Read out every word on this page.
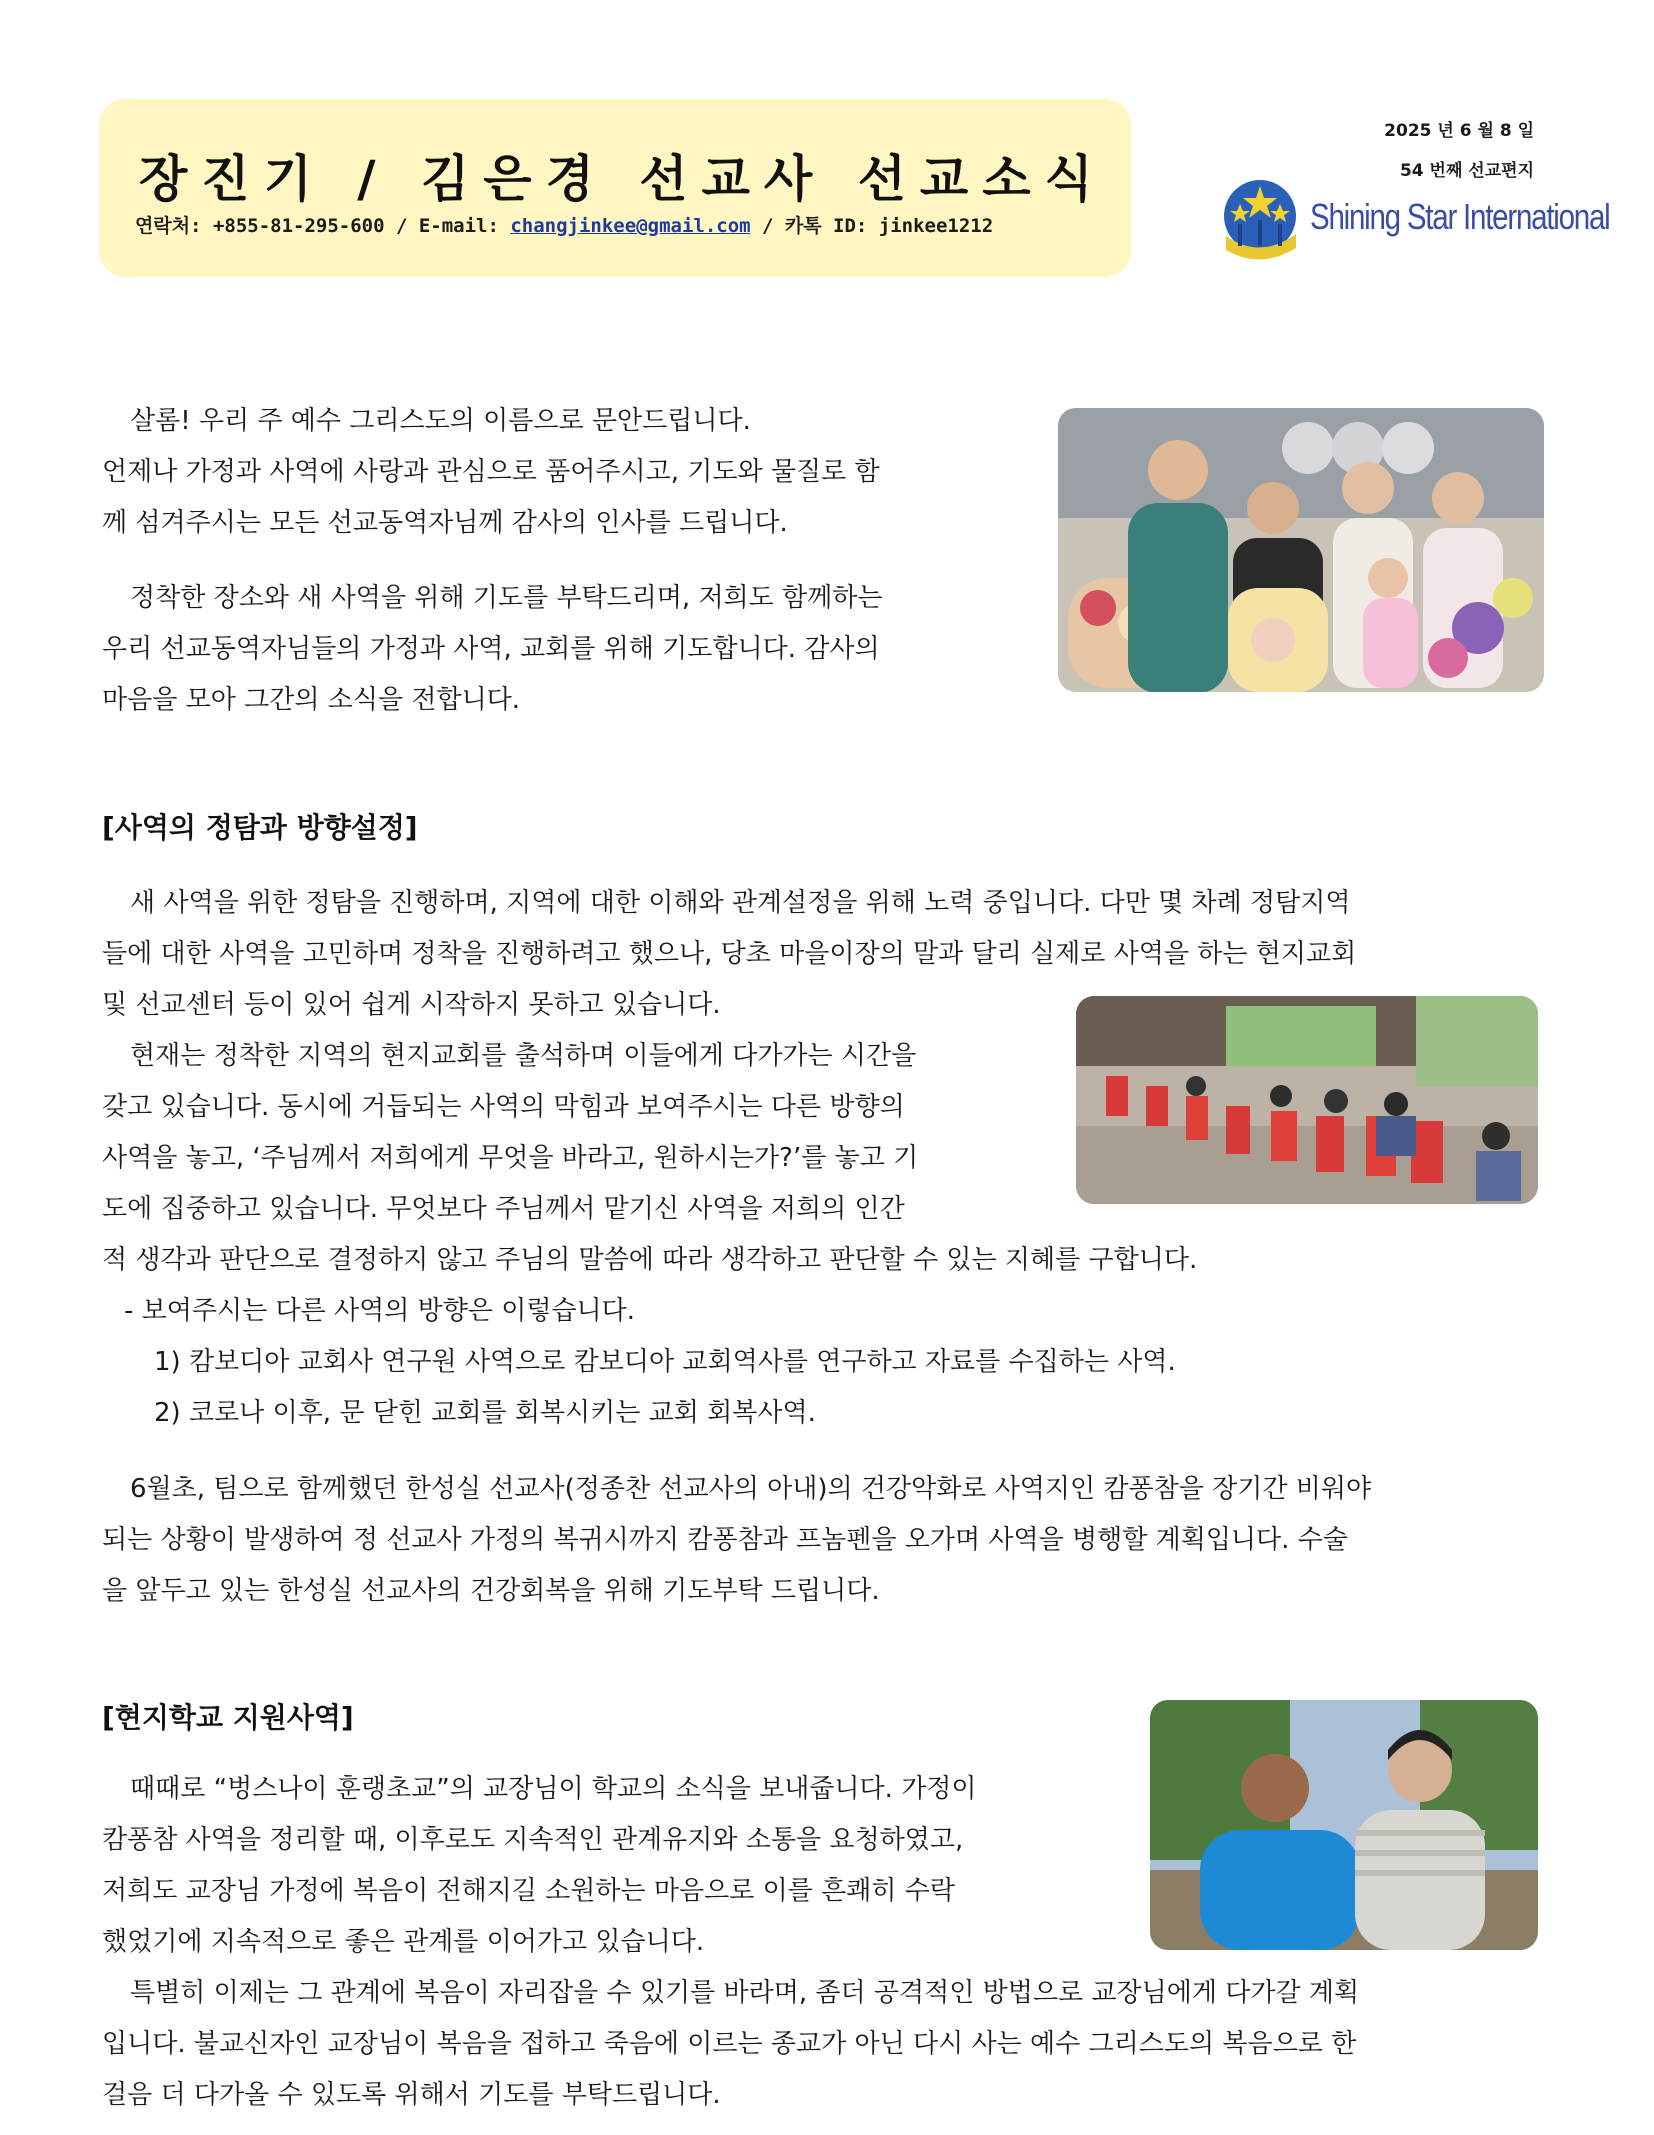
장진기 / 김은경 선교사 선교소식
연락처: +855-81-295-600 / E-mail: changjinkee@gmail.com / 카톡 ID: jinkee1212
2025 년 6 월 8 일
54 번째 선교편지
Shining Star International
살롬! 우리 주 예수 그리스도의 이름으로 문안드립니다.
언제나 가정과 사역에 사랑과 관심으로 품어주시고, 기도와 물질로 함
께 섬겨주시는 모든 선교동역자님께 감사의 인사를 드립니다.
정착한 장소와 새 사역을 위해 기도를 부탁드리며, 저희도 함께하는
우리 선교동역자님들의 가정과 사역, 교회를 위해 기도합니다. 감사의
마음을 모아 그간의 소식을 전합니다.
[사역의 정탐과 방향설정]
새 사역을 위한 정탐을 진행하며, 지역에 대한 이해와 관계설정을 위해 노력 중입니다. 다만 몇 차례 정탐지역
들에 대한 사역을 고민하며 정착을 진행하려고 했으나, 당초 마을이장의 말과 달리 실제로 사역을 하는 현지교회
및 선교센터 등이 있어 쉽게 시작하지 못하고 있습니다.
현재는 정착한 지역의 현지교회를 출석하며 이들에게 다가가는 시간을
갖고 있습니다. 동시에 거듭되는 사역의 막힘과 보여주시는 다른 방향의
사역을 놓고, ‘주님께서 저희에게 무엇을 바라고, 원하시는가?’를 놓고 기
도에 집중하고 있습니다. 무엇보다 주님께서 맡기신 사역을 저희의 인간
적 생각과 판단으로 결정하지 않고 주님의 말씀에 따라 생각하고 판단할 수 있는 지혜를 구합니다.
- 보여주시는 다른 사역의 방향은 이렇습니다.
1) 캄보디아 교회사 연구원 사역으로 캄보디아 교회역사를 연구하고 자료를 수집하는 사역.
2) 코로나 이후, 문 닫힌 교회를 회복시키는 교회 회복사역.
6월초, 팀으로 함께했던 한성실 선교사(정종찬 선교사의 아내)의 건강악화로 사역지인 캄퐁참을 장기간 비워야
되는 상황이 발생하여 정 선교사 가정의 복귀시까지 캄퐁참과 프놈펜을 오가며 사역을 병행할 계획입니다. 수술
을 앞두고 있는 한성실 선교사의 건강회복을 위해 기도부탁 드립니다.
[현지학교 지원사역]
때때로 “벙스나이 훈랭초교”의 교장님이 학교의 소식을 보내줍니다. 가정이
캄퐁참 사역을 정리할 때, 이후로도 지속적인 관계유지와 소통을 요청하였고,
저희도 교장님 가정에 복음이 전해지길 소원하는 마음으로 이를 흔쾌히 수락
했었기에 지속적으로 좋은 관계를 이어가고 있습니다.
특별히 이제는 그 관계에 복음이 자리잡을 수 있기를 바라며, 좀더 공격적인 방법으로 교장님에게 다가갈 계획
입니다. 불교신자인 교장님이 복음을 접하고 죽음에 이르는 종교가 아닌 다시 사는 예수 그리스도의 복음으로 한
걸음 더 다가올 수 있도록 위해서 기도를 부탁드립니다.
